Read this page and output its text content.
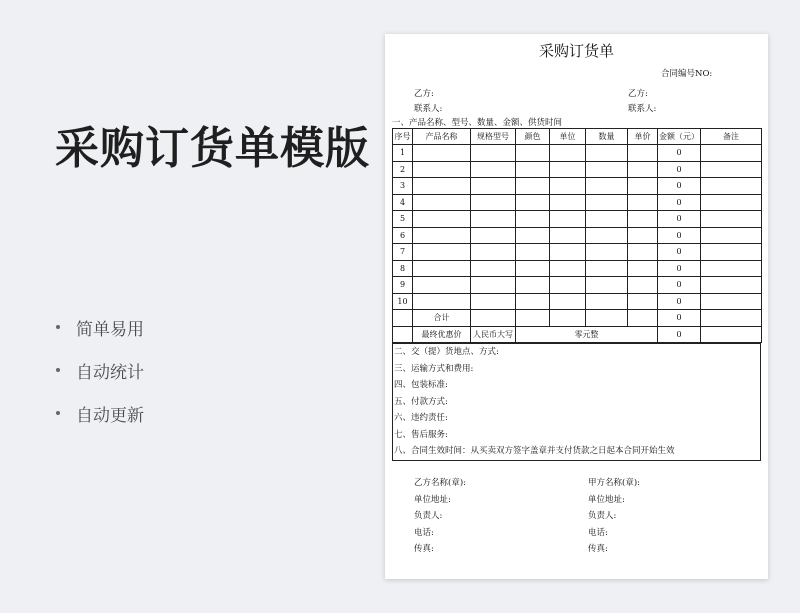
采购订货单模版
简单易用
自动统计
自动更新
采购订货单
合同编号NO:
乙方:	乙方:
联系人:	联系人:
一、产品名称、型号、数量、金额、供货时间
序号	产品名称	规格型号	颜色	单位	数量	单价	金额（元）	备注
1							0	
2							0	
3							0	
4							0	
5							0	
6							0	
7							0	
8							0	
9							0	
10							0	
	合计						0	
	最终优惠价	人民币大写	零元整				0	
二、交（提）货地点、方式:
三、运输方式和费用:
四、包装标准:
五、付款方式:
六、违约责任:
七、售后服务:
八、合同生效时间：从买卖双方签字盖章并支付货款之日起本合同开始生效
乙方名称(章):
单位地址:
负责人:
电话:
传真:
甲方名称(章):
单位地址:
负责人:
电话:
传真:
